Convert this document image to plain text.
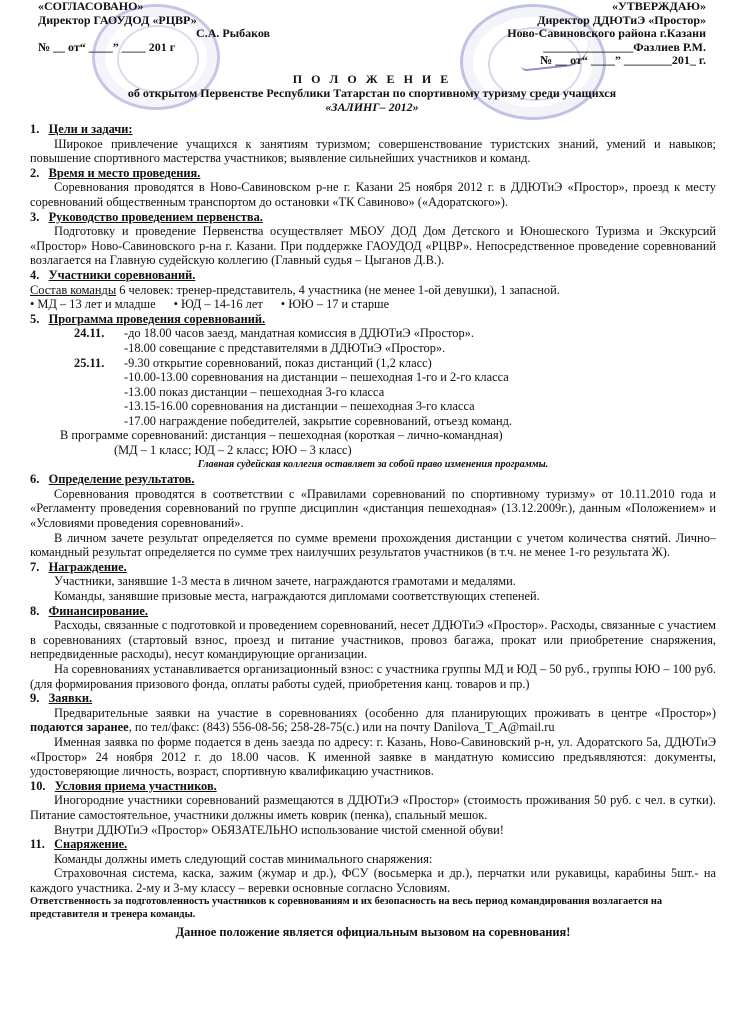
«СОГЛАСОВАНО»
Директор ГАОУДОД «РЦВР»
С.А. Рыбаков
№ __ от“ ____” ____ 201 г
«УТВЕРЖДАЮ»
Директор ДДЮТиЭ «Простор»
Ново-Савиновского района г.Казани
_______________Фазлиев Р.М.
№ __ от“ ____” ________201_ г.
П О Л О Ж Е Н И Е
об открытом Первенстве Республики Татарстан по спортивному туризму среди учащихся
«ЗАЛИНГ– 2012»
1. Цели и задачи:

Широкое привлечение учащихся к занятиям туризмом; совершенствование туристских знаний, умений и навыков; повышение спортивного мастерства участников; выявление сильнейших участников и команд.

2. Время и место проведения.

Соревнования проводятся в Ново-Савиновском р-не г. Казани 25 ноября 2012 г. в ДДЮТиЭ «Простор», проезд к месту соревнований общественным транспортом до остановки «ТК Савиново» («Адоратского»).

3. Руководство проведением первенства.

Подготовку и проведение Первенства осуществляет МБОУ ДОД Дом Детского и Юношеского Туризма и Экскурсий «Простор» Ново-Савиновского р-на г. Казани. При поддержке ГАОУДОД «РЦВР». Непосредственное проведение соревнований возлагается на Главную судейскую коллегию (Главный судья – Цыганов Д.В.).

4. Участники соревнований.

Состав команды 6 человек: тренер-представитель, 4 участника (не менее 1-ой девушки), 1 запасной.

• МД – 13 лет и младше • ЮД – 14-16 лет • ЮЮ – 17 и старше

5. Программа проведения соревнований.
24.11.	-до 18.00 часов заезд, мандатная комиссия в ДДЮТиЭ «Простор».
-18.00 совещание с представителями в ДДЮТиЭ «Простор».
25.11.	-9.30 открытие соревнований, показ дистанций (1,2 класс)
-10.00-13.00 соревнования на дистанции – пешеходная 1-го и 2-го класса
-13.00 показ дистанции – пешеходная 3-го класса
-13.15-16.00 соревнования на дистанции – пешеходная 3-го класса
-17.00 награждение победителей, закрытие соревнований, отъезд команд.

В программе соревнований: дистанция – пешеходная (короткая – лично-командная)

(МД – 1 класс; ЮД – 2 класс; ЮЮ – 3 класс)

Главная судейская коллегия оставляет за собой право изменения программы.

6. Определение результатов.

Соревнования проводятся в соответствии с «Правилами соревнований по спортивному туризму» от 10.11.2010 года и «Регламенту проведения соревнований по группе дисциплин «дистанция пешеходная» (13.12.2009г.), данным «Положением» и «Условиями проведения соревнований».

В личном зачете результат определяется по сумме времени прохождения дистанции с учетом количества снятий. Лично–командный результат определяется по сумме трех наилучших результатов участников (в т.ч. не менее 1-го результата Ж).

7. Награждение.

Участники, занявшие 1-3 места в личном зачете, награждаются грамотами и медалями.

Команды, занявшие призовые места, награждаются дипломами соответствующих степеней.

8. Финансирование.

Расходы, связанные с подготовкой и проведением соревнований, несет ДДЮТиЭ «Простор». Расходы, связанные с участием в соревнованиях (стартовый взнос, проезд и питание участников, провоз багажа, прокат или приобретение снаряжения, непредвиденные расходы), несут командирующие организации.

На соревнованиях устанавливается организационный взнос: с участника группы МД и ЮД – 50 руб., группы ЮЮ – 100 руб. (для формирования призового фонда, оплаты работы судей, приобретения канц. товаров и пр.)

9. Заявки.

Предварительные заявки на участие в соревнованиях (особенно для планирующих проживать в центре «Простор») подаются заранее, по тел/факс: (843) 556-08-56; 258-28-75(с.) или на почту Danilova_T_A@mail.ru

Именная заявка по форме подается в день заезда по адресу: г. Казань, Ново-Савиновский р-н, ул. Адоратского 5а, ДДЮТиЭ «Простор» 24 ноября 2012 г. до 18.00 часов. К именной заявке в мандатную комиссию предъявляются: документы, удостоверяющие личность, возраст, спортивную квалификацию участников.

10. Условия приема участников.

Иногородние участники соревнований размещаются в ДДЮТиЭ «Простор» (стоимость проживания 50 руб. с чел. в сутки). Питание самостоятельное, участники должны иметь коврик (пенка), спальный мешок.

Внутри ДДЮТиЭ «Простор» ОБЯЗАТЕЛЬНО использование чистой сменной обуви!

11. Снаряжение.

Команды должны иметь следующий состав минимального снаряжения:

Страховочная система, каска, зажим (жумар и др.), ФСУ (восьмерка и др.), перчатки или рукавицы, карабины 5шт.- на каждого участника. 2-му и 3-му классу – веревки основные согласно Условиям.

Ответственность за подготовленность участников к соревнованиям и их безопасность на весь период командирования возлагается на представителя и тренера команды.

Данное положение является официальным вызовом на соревнования!
